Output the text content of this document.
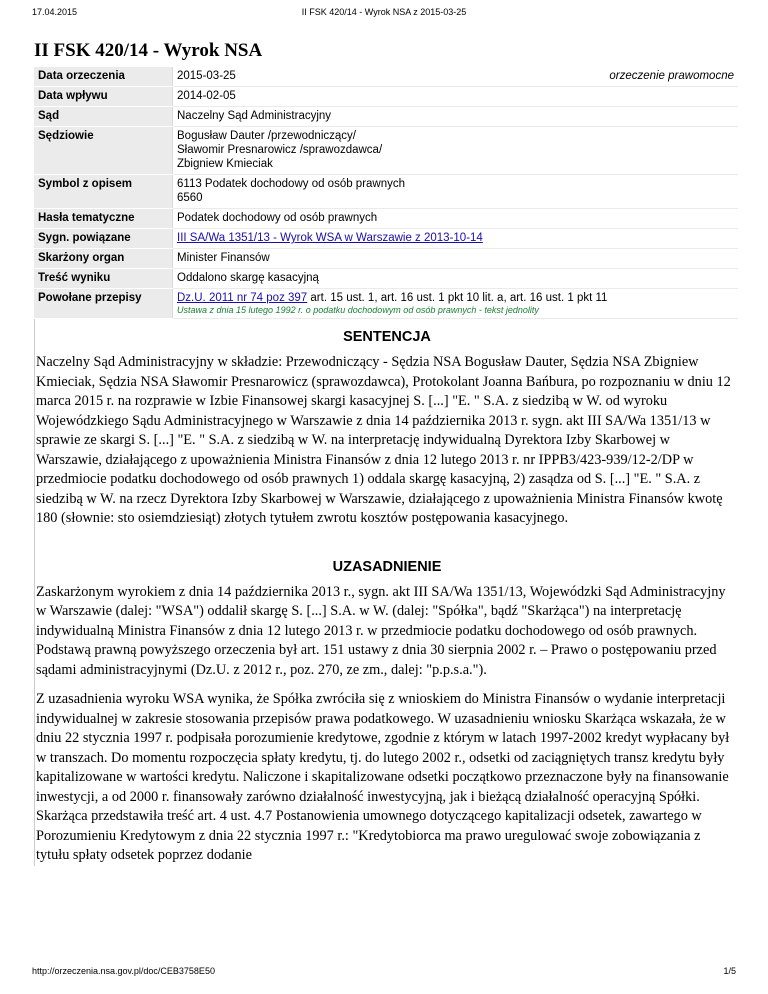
17.04.2015	II FSK 420/14 - Wyrok NSA z 2015-03-25
II FSK 420/14 - Wyrok NSA
Data orzeczenia	2015-03-25 orzeczenie prawomocne

Data wpływu	2014-02-05
Sąd	Naczelny Sąd Administracyjny
Sędziowie	Bogusław Dauter /przewodniczący/
Sławomir Presnarowicz /sprawozdawca/
Zbigniew Kmieciak

Symbol z opisem	6113 Podatek dochodowy od osób prawnych
6560

Hasła tematyczne	Podatek dochodowy od osób prawnych
Sygn. powiązane	III SA/Wa 1351/13 - Wyrok WSA w Warszawie z 2013-10-14
Skarżony organ	Minister Finansów
Treść wyniku	Oddalono skargę kasacyjną
Powołane przepisy	Dz.U. 2011 nr 74 poz 397 art. 15 ust. 1, art. 16 ust. 1 pkt 10 lit. a, art. 16 ust. 1 pkt 11
Ustawa z dnia 15 lutego 1992 r. o podatku dochodowym od osób prawnych - tekst jednolity
SENTENCJA

Naczelny Sąd Administracyjny w składzie: Przewodniczący - Sędzia NSA Bogusław Dauter, Sędzia NSA Zbigniew Kmieciak, Sędzia NSA Sławomir Presnarowicz (sprawozdawca), Protokolant Joanna Bańbura, po rozpoznaniu w dniu 12 marca 2015 r. na rozprawie w Izbie Finansowej skargi kasacyjnej S. [...] "E. " S.A. z siedzibą w W. od wyroku Wojewódzkiego Sądu Administracyjnego w Warszawie z dnia 14 października 2013 r. sygn. akt III SA/Wa 1351/13 w sprawie ze skargi S. [...] "E. " S.A. z siedzibą w W. na interpretację indywidualną Dyrektora Izby Skarbowej w Warszawie, działającego z upoważnienia Ministra Finansów z dnia 12 lutego 2013 r. nr IPPB3/423-939/12-2/DP w przedmiocie podatku dochodowego od osób prawnych 1) oddala skargę kasacyjną, 2) zasądza od S. [...] "E. " S.A. z siedzibą w W. na rzecz Dyrektora Izby Skarbowej w Warszawie, działającego z upoważnienia Ministra Finansów kwotę 180 (słownie: sto osiemdziesiąt) złotych tytułem zwrotu kosztów postępowania kasacyjnego.

UZASADNIENIE

Zaskarżonym wyrokiem z dnia 14 października 2013 r., sygn. akt III SA/Wa 1351/13, Wojewódzki Sąd Administracyjny w Warszawie (dalej: "WSA") oddalił skargę S. [...] S.A. w W. (dalej: "Spółka", bądź "Skarżąca") na interpretację indywidualną Ministra Finansów z dnia 12 lutego 2013 r. w przedmiocie podatku dochodowego od osób prawnych. Podstawą prawną powyższego orzeczenia był art. 151 ustawy z dnia 30 sierpnia 2002 r. – Prawo o postępowaniu przed sądami administracyjnymi (Dz.U. z 2012 r., poz. 270, ze zm., dalej: "p.p.s.a.").

Z uzasadnienia wyroku WSA wynika, że Spółka zwróciła się z wnioskiem do Ministra Finansów o wydanie interpretacji indywidualnej w zakresie stosowania przepisów prawa podatkowego. W uzasadnieniu wniosku Skarżąca wskazała, że w dniu 22 stycznia 1997 r. podpisała porozumienie kredytowe, zgodnie z którym w latach 1997-2002 kredyt wypłacany był w transzach. Do momentu rozpoczęcia spłaty kredytu, tj. do lutego 2002 r., odsetki od zaciągniętych transz kredytu były kapitalizowane w wartości kredytu. Naliczone i skapitalizowane odsetki początkowo przeznaczone były na finansowanie inwestycji, a od 2000 r. finansowały zarówno działalność inwestycyjną, jak i bieżącą działalność operacyjną Spółki. Skarżąca przedstawiła treść art. 4 ust. 4.7 Postanowienia umownego dotyczącego kapitalizacji odsetek, zawartego w Porozumieniu Kredytowym z dnia 22 stycznia 1997 r.: "Kredytobiorca ma prawo uregulować swoje zobowiązania z tytułu spłaty odsetek poprzez dodanie

http://orzeczenia.nsa.gov.pl/doc/CEB3758E50	1/5
